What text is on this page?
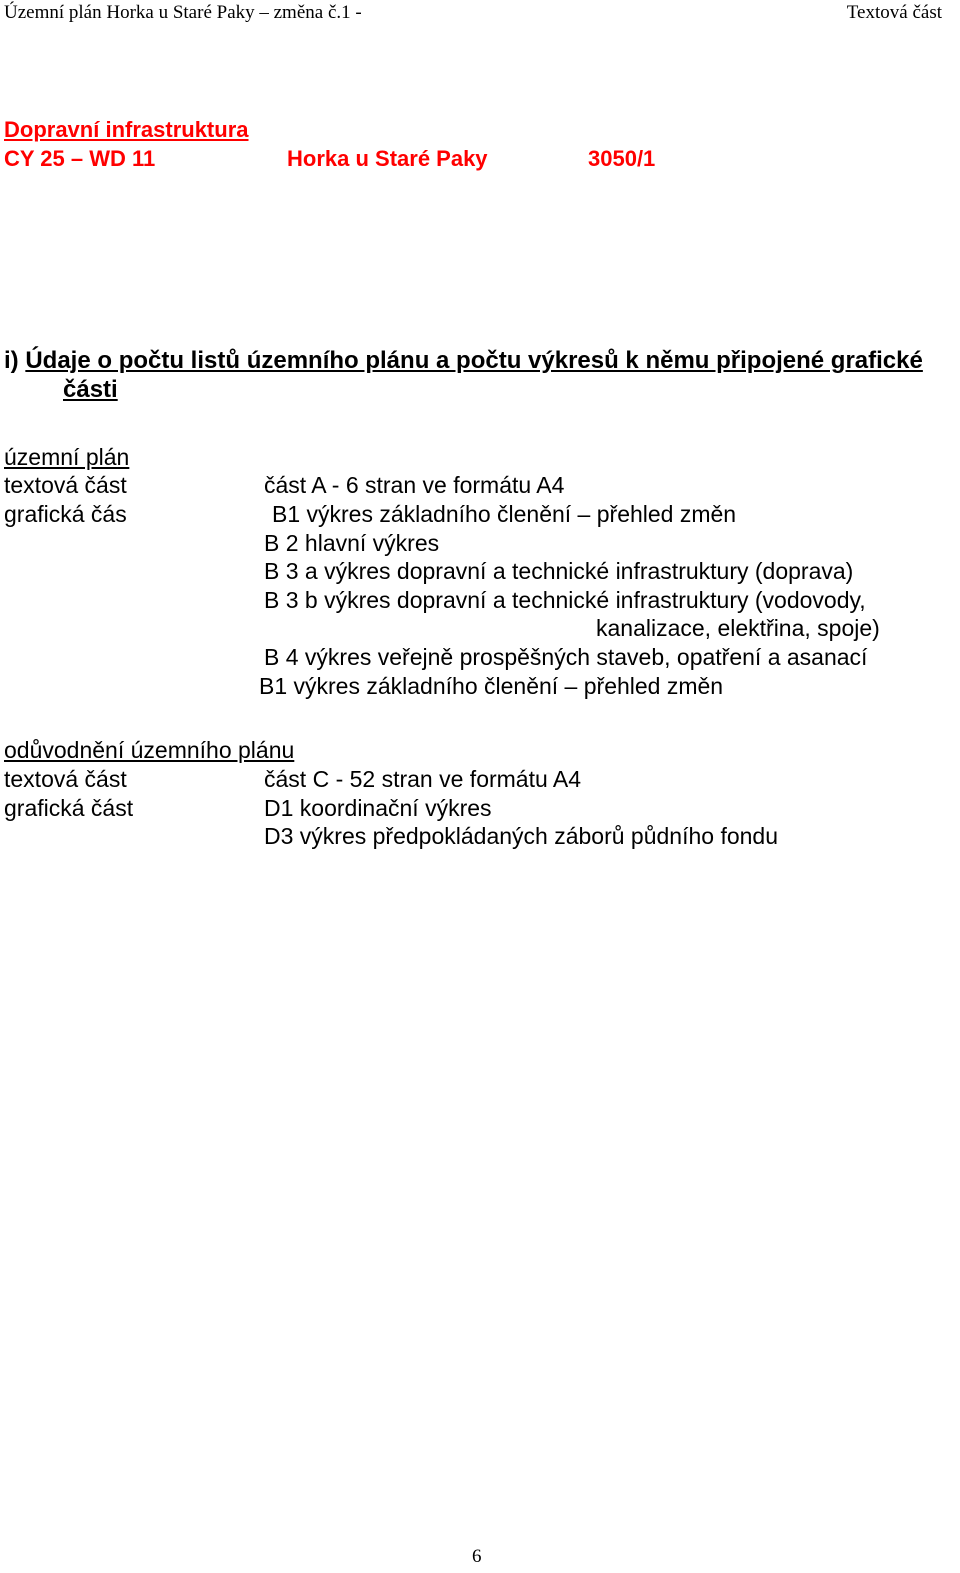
Územní plán Horka u Staré Paky – změna č.1 -	Textová část
Dopravní infrastruktura
CY 25 – WD 11	Horka u Staré Paky	3050/1
i) Údaje o počtu listů územního plánu a počtu výkresů k němu připojené grafické
části
územní plán
textová část	část A - 6 stran ve formátu A4
grafická čás	B1 výkres základního členění – přehled změn
B 2 hlavní výkres
B 3 a výkres dopravní a technické infrastruktury (doprava)
B 3 b výkres dopravní a technické infrastruktury (vodovody,
kanalizace, elektřina, spoje)
B 4 výkres veřejně prospěšných staveb, opatření a asanací
B1 výkres základního členění – přehled změn
odůvodnění územního plánu
textová část	část C - 52 stran ve formátu A4
grafická část	D1 koordinační výkres
D3 výkres předpokládaných záborů půdního fondu
6
